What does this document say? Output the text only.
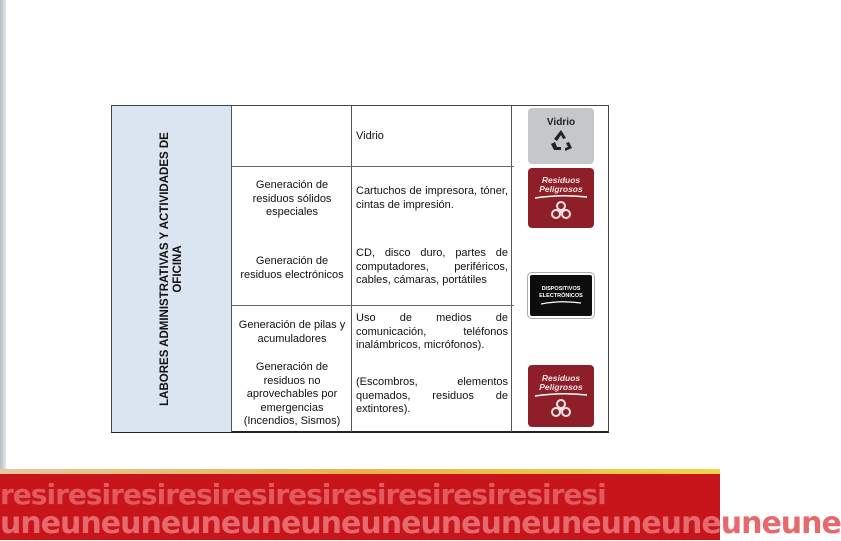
LABORES ADMINISTRATIVAS Y ACTIVIDADES DE OFICINA
Vidrio
Generación de residuos sólidos especiales
Cartuchos de impresora, tóner, cintas de impresión.
Generación de residuos electrónicos
CD, disco duro, partes de computadores, periféricos, cables, cámaras, portátiles
Generación de pilas y acumuladores
Uso de medios de comunicación, teléfonos inalámbricos, micrófonos).
Generación de residuos no aprovechables por emergencias (Incendios, Sismos)
(Escombros, elementos quemados, residuos de extintores).
Vidrio
Residuos Peligrosos
DISPOSITIVOS ELECTRÓNICOS
Residuos Peligrosos
resiresiresiresiresiresiresiresiresiresiresi
uneuneuneuneuneuneuneuneuneuneuneuneuneune
